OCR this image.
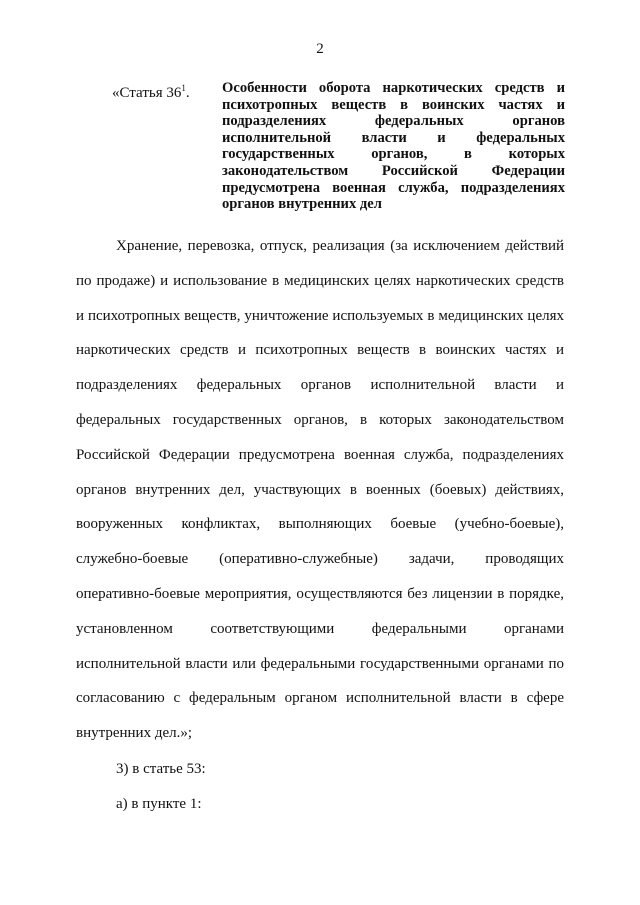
2
«Статья $36^1$. Особенности оборота наркотических средств и психотропных веществ в воинских частях и подразделениях федеральных органов исполнительной власти и федеральных государственных органов, в которых законодательством Российской Федерации предусмотрена военная служба, подразделениях органов внутренних дел

Хранение, перевозка, отпуск, реализация (за исключением действий по продаже) и использование в медицинских целях наркотических средств и психотропных веществ, уничтожение используемых в медицинских целях наркотических средств и психотропных веществ в воинских частях и подразделениях федеральных органов исполнительной власти и федеральных государственных органов, в которых законодательством Российской Федерации предусмотрена военная служба, подразделениях органов внутренних дел, участвующих в военных (боевых) действиях, вооруженных конфликтах, выполняющих боевые (учебно-боевые), служебно-боевые (оперативно-служебные) задачи, проводящих оперативно-боевые мероприятия, осуществляются без лицензии в порядке, установленном соответствующими федеральными органами исполнительной власти или федеральными государственными органами по согласованию с федеральным органом исполнительной власти в сфере внутренних дел.»;

3) в статье 53:

а) в пункте 1:
